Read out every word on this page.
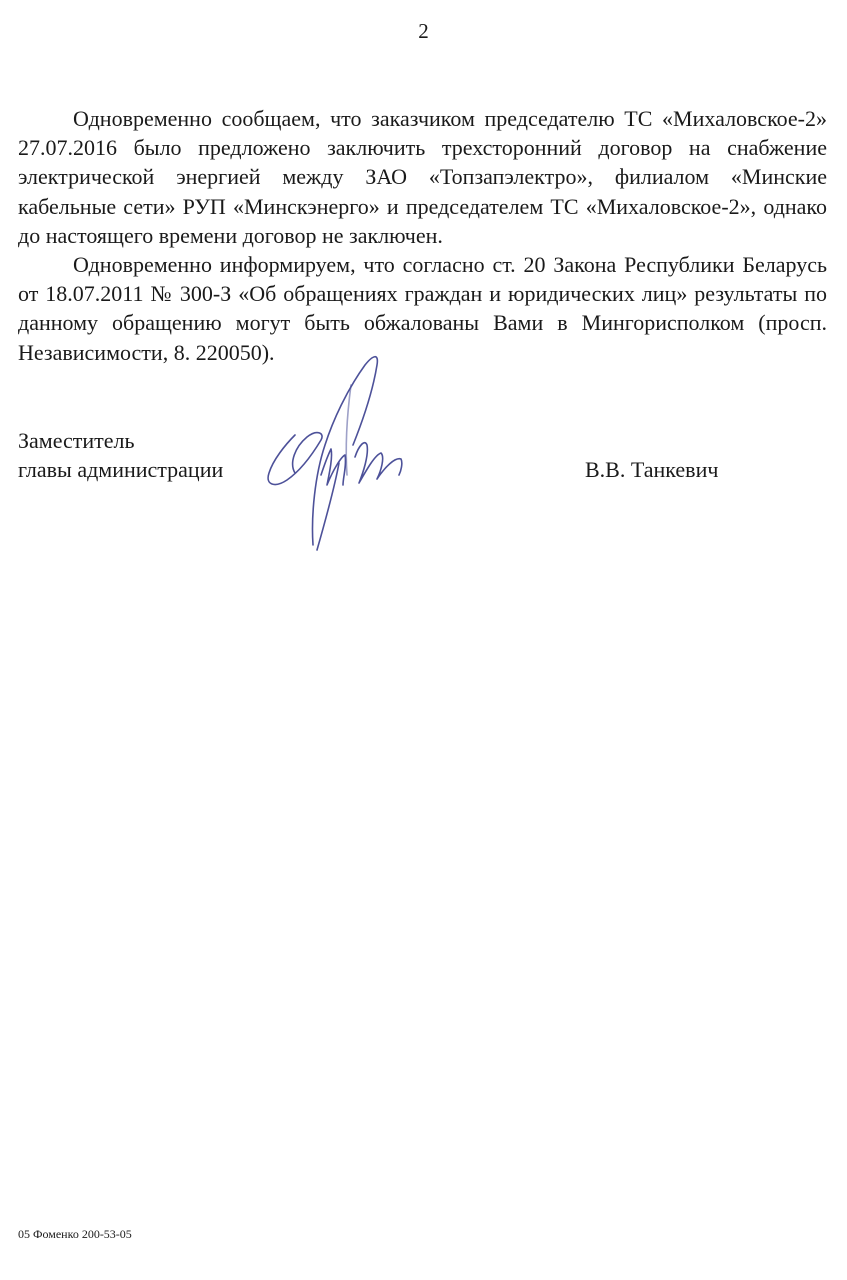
2

Одновременно сообщаем, что заказчиком председателю ТС «Михаловское-2» 27.07.2016 было предложено заключить трехсторонний договор на снабжение электрической энергией между ЗАО «Топзапэлектро», филиалом «Минские кабельные сети» РУП «Минскэнерго» и председателем ТС «Михаловское-2», однако до настоящего времени договор не заключен.

Одновременно информируем, что согласно ст. 20 Закона Республики Беларусь от 18.07.2011 № 300-З «Об обращениях граждан и юридических лиц» результаты по данному обращению могут быть обжалованы Вами в Мингорисполком (просп. Независимости, 8. 220050).

Заместитель
главы администрации	В.В. Танкевич
05 Фоменко 200-53-05
